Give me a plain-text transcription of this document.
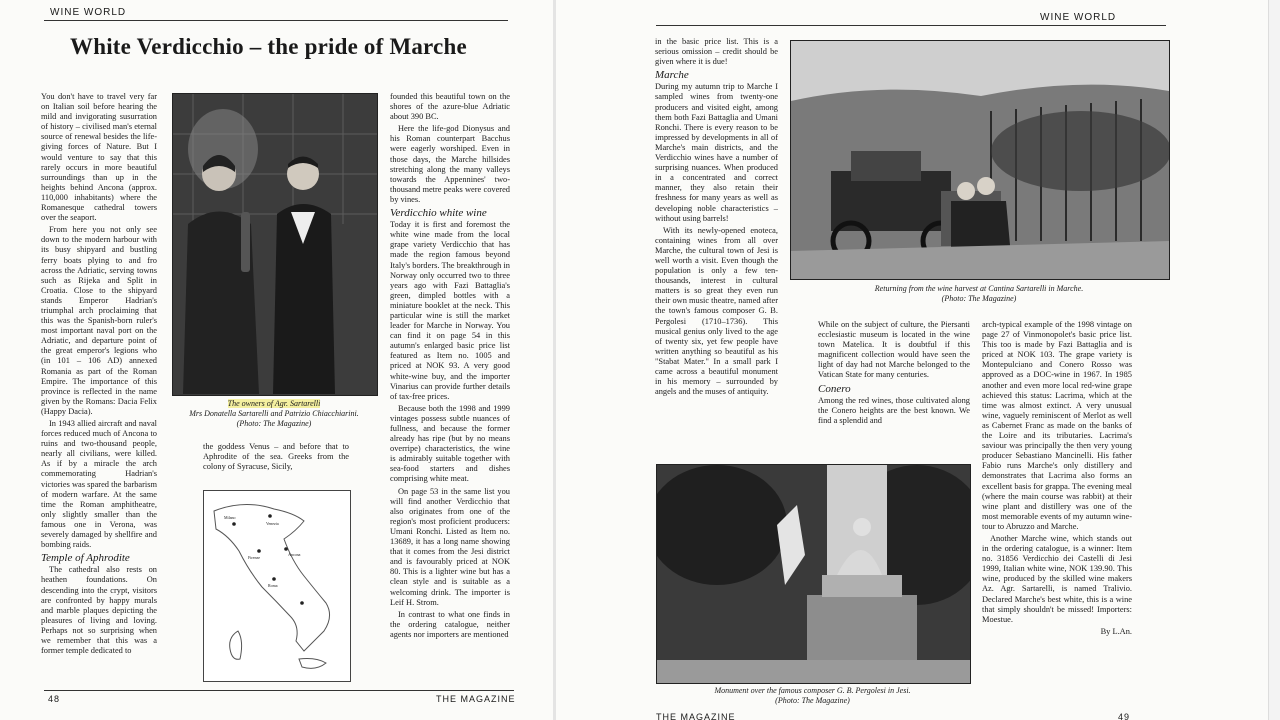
WINE WORLD
White Verdicchio – the pride of Marche

You don't have to travel very far on Italian soil before hearing the mild and invigorating susurration of history – civilised man's eternal source of renewal besides the life-giving forces of Nature. But I would venture to say that this rarely occurs in more beautiful surroundings than up in the heights behind Ancona (approx. 110,000 inhabitants) where the Romanesque cathedral towers over the seaport.

From here you not only see down to the modern harbour with its busy shipyard and bustling ferry boats plying to and fro across the Adriatic, serving towns such as Rijeka and Split in Croatia. Close to the shipyard stands Emperor Hadrian's triumphal arch proclaiming that this was the Spanish-born ruler's most important naval port on the Adriatic, and departure point of the great emperor's legions who (in 101 – 106 AD) annexed Romania as part of the Roman Empire. The importance of this province is reflected in the name given by the Romans: Dacia Felix (Happy Dacia).

In 1943 allied aircraft and naval forces reduced much of Ancona to ruins and two-thousand people, nearly all civilians, were killed. As if by a miracle the arch commemorating Hadrian's victories was spared the barbarism of modern warfare. At the same time the Roman amphitheatre, only slightly smaller than the famous one in Verona, was severely damaged by shellfire and bombing raids.

Temple of Aphrodite

The cathedral also rests on heathen foundations. On descending into the crypt, visitors are confronted by happy murals and marble plaques depicting the pleasures of living and loving. Perhaps not so surprising when we remember that this was a former temple dedicated to

The owners of Agr. Sartarelli
Mrs Donatella Sartarelli and Patrizio Chiacchiarini.
(Photo: The Magazine)

the goddess Venus – and before that to Aphrodite of the sea. Greeks from the colony of Syracuse, Sicily,

Milano
Venezia
Firenze
Ancona
Roma

founded this beautiful town on the shores of the azure-blue Adriatic about 390 BC.

Here the life-god Dionysus and his Roman counterpart Bacchus were eagerly worshiped. Even in those days, the Marche hillsides stretching along the many valleys towards the Appennines' two-thousand metre peaks were covered by vines.

Verdicchio white wine

Today it is first and foremost the white wine made from the local grape variety Verdicchio that has made the region famous beyond Italy's borders. The breakthrough in Norway only occurred two to three years ago with Fazi Battaglia's green, dimpled bottles with a miniature booklet at the neck. This particular wine is still the market leader for Marche in Norway. You can find it on page 54 in this autumn's enlarged basic price list featured as Item no. 1005 and priced at NOK 93. A very good white-wine buy, and the importer Vinarius can provide further details of tax-free prices.

Because both the 1998 and 1999 vintages possess subtle nuances of fullness, and because the former already has ripe (but by no means overripe) characteristics, the wine is admirably suitable together with sea-food starters and dishes comprising white meat.

On page 53 in the same list you will find another Verdicchio that also originates from one of the region's most proficient producers: Umani Ronchi. Listed as Item no. 13689, it has a long name showing that it comes from the Jesi district and is favourably priced at NOK 80. This is a lighter wine but has a clean style and is suitable as a welcoming drink. The importer is Leif H. Strom.

In contrast to what one finds in the ordering catalogue, neither agents nor importers are mentioned

48	THE MAGAZINE
WINE WORLD

in the basic price list. This is a serious omission – credit should be given where it is due!

Marche

During my autumn trip to Marche I sampled wines from twenty-one producers and visited eight, among them both Fazi Battaglia and Umani Ronchi. There is every reason to be impressed by developments in all of Marche's main districts, and the Verdicchio wines have a number of surprising nuances. When produced in a concentrated and correct manner, they also retain their freshness for many years as well as developing noble characteristics – without using barrels!

With its newly-opened enoteca, containing wines from all over Marche, the cultural town of Jesi is well worth a visit. Even though the population is only a few ten-thousands, interest in cultural matters is so great they even run their own music theatre, named after the town's famous composer G. B. Pergolesi (1710–1736). This musical genius only lived to the age of twenty six, yet few people have written anything so beautiful as his "Stabat Mater." In a small park I came across a beautiful monument in his memory – surrounded by angels and the muses of antiquity.

Returning from the wine harvest at Cantina Sartarelli in Marche.
(Photo: The Magazine)

While on the subject of culture, the Piersanti ecclesiastic museum is located in the wine town Matelica. It is doubtful if this magnificent collection would have seen the light of day had not Marche belonged to the Vatican State for many centuries.

Conero

Among the red wines, those cultivated along the Conero heights are the best known. We find a splendid and

arch-typical example of the 1998 vintage on page 27 of Vinmonopolet's basic price list. This too is made by Fazi Battaglia and is priced at NOK 103. The grape variety is Montepulciano and Conero Rosso was approved as a DOC-wine in 1967. In 1985 another and even more local red-wine grape achieved this status: Lacrima, which at the time was almost extinct. A very unusual wine, vaguely reminiscent of Merlot as well as Cabernet Franc as made on the banks of the Loire and its tributaries. Lacrima's saviour was principally the then very young producer Sebastiano Mancinelli. His father Fabio runs Marche's only distillery and demonstrates that Lacrima also forms an excellent basis for grappa. The evening meal (where the main course was rabbit) at their wine plant and distillery was one of the most memorable events of my autumn wine-tour to Abruzzo and Marche.

Another Marche wine, which stands out in the ordering catalogue, is a winner: Item no. 31856 Verdicchio dei Castelli di Jesi 1999, Italian white wine, NOK 139.90. This wine, produced by the skilled wine makers Az. Agr. Sartarelli, is named Tralivio. Declared Marche's best white, this is a wine that simply shouldn't be missed! Importers: Moestue.

By L.An.

Monument over the famous composer G. B. Pergolesi in Jesi.
(Photo: The Magazine)
THE MAGAZINE	49
